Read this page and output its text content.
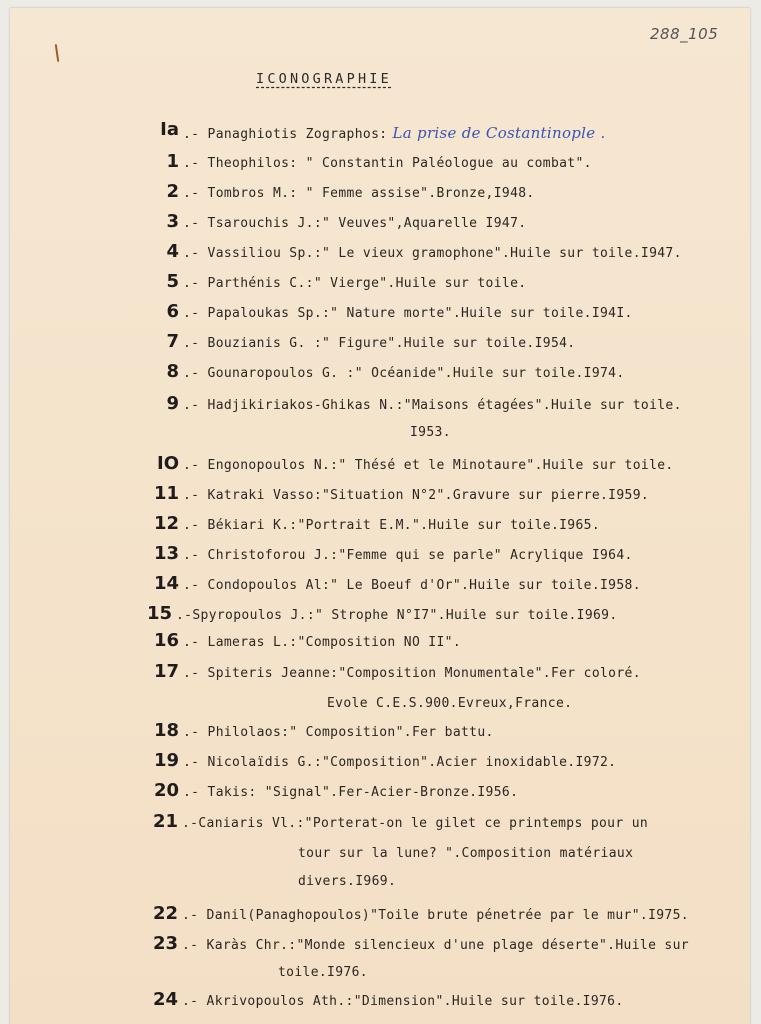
288_105
ICONOGRAPHIE
Ia .- Panaghiotis Zographos: La prise de Costantinople .
1 .- Theophilos: " Constantin Paléologue au combat".
2 .- Tombros M.: " Femme assise".Bronze,I948.
3 .- Tsarouchis J.:" Veuves",Aquarelle I947.
4 .- Vassiliou Sp.:" Le vieux gramophone".Huile sur toile.I947.
5 .- Parthénis C.:" Vierge".Huile sur toile.
6 .- Papaloukas Sp.:" Nature morte".Huile sur toile.I94I.
7 .- Bouzianis G. :" Figure".Huile sur toile.I954.
8 .- Gounaropoulos G. :" Océanide".Huile sur toile.I974.
9 .- Hadjikiriakos-Ghikas N.:"Maisons étagées".Huile sur toile.
I953.
IO .- Engonopoulos N.:" Thésé et le Minotaure".Huile sur toile.
11 .- Katraki Vasso:"Situation N°2".Gravure sur pierre.I959.
12 .- Békiari K.:"Portrait E.M.".Huile sur toile.I965.
13 .- Christoforou J.:"Femme qui se parle" Acrylique I964.
14 .- Condopoulos Al:" Le Boeuf d'Or".Huile sur toile.I958.
15 .-Spyropoulos J.:" Strophe N°I7".Huile sur toile.I969.
16 .- Lameras L.:"Composition NO II".
17 .- Spiteris Jeanne:"Composition Monumentale".Fer coloré.
Evole C.E.S.900.Evreux,France.
18 .- Philolaos:" Composition".Fer battu.
19 .- Nicolaïdis G.:"Composition".Acier inoxidable.I972.
20 .- Takis: "Signal".Fer-Acier-Bronze.I956.
21 .-Caniaris Vl.:"Porterat-on le gilet ce printemps pour un
tour sur la lune? ".Composition matériaux
divers.I969.
22 .- Danil(Panaghopoulos)"Toile brute pénetrée par le mur".I975.
23 .- Karàs Chr.:"Monde silencieux d'une plage déserte".Huile sur
toile.I976.
24 .- Akrivopoulos Ath.:"Dimension".Huile sur toile.I976.
